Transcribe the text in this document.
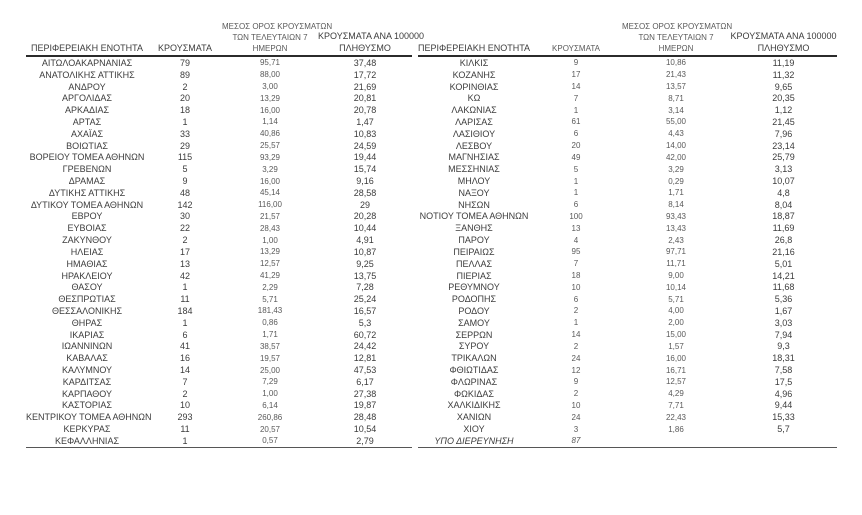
ΠΕΡΙΦΕΡΕΙΑΚΗ ΕΝΟΤΗΤΑ	ΚΡΟΥΣΜΑΤΑ
ΜΕΣΟΣ ΟΡΟΣ ΚΡΟΥΣΜΑΤΩΝ
ΤΩΝ ΤΕΛΕΥΤΑΙΩΝ 7
ΗΜΕΡΩΝ
ΚΡΟΥΣΜΑΤΑ ΑΝΑ 100000
ΠΛΗΘΥΣΜΟ
ΑΙΤΩΛΟΑΚΑΡΝΑΝΙΑΣ	79	95,71	37,48
ΑΝΑΤΟΛΙΚΗΣ ΑΤΤΙΚΗΣ	89	88,00	17,72
ΑΝΔΡΟΥ	2	3,00	21,69
ΑΡΓΟΛΙΔΑΣ	20	13,29	20,81
ΑΡΚΑΔΙΑΣ	18	16,00	20,78
ΑΡΤΑΣ	1	1,14	1,47
ΑΧΑΪΑΣ	33	40,86	10,83
ΒΟΙΩΤΙΑΣ	29	25,57	24,59
ΒΟΡΕΙΟΥ ΤΟΜΕΑ ΑΘΗΝΩΝ	115	93,29	19,44
ΓΡΕΒΕΝΩΝ	5	3,29	15,74
ΔΡΑΜΑΣ	9	16,00	9,16
ΔΥΤΙΚΗΣ ΑΤΤΙΚΗΣ	48	45,14	28,58
ΔΥΤΙΚΟΥ ΤΟΜΕΑ ΑΘΗΝΩΝ	142	116,00	29
ΕΒΡΟΥ	30	21,57	20,28
ΕΥΒΟΙΑΣ	22	28,43	10,44
ΖΑΚΥΝΘΟΥ	2	1,00	4,91
ΗΛΕΙΑΣ	17	13,29	10,87
ΗΜΑΘΙΑΣ	13	12,57	9,25
ΗΡΑΚΛΕΙΟΥ	42	41,29	13,75
ΘΑΣΟΥ	1	2,29	7,28
ΘΕΣΠΡΩΤΙΑΣ	11	5,71	25,24
ΘΕΣΣΑΛΟΝΙΚΗΣ	184	181,43	16,57
ΘΗΡΑΣ	1	0,86	5,3
ΙΚΑΡΙΑΣ	6	1,71	60,72
ΙΩΑΝΝΙΝΩΝ	41	38,57	24,42
ΚΑΒΑΛΑΣ	16	19,57	12,81
ΚΑΛΥΜΝΟΥ	14	25,00	47,53
ΚΑΡΔΙΤΣΑΣ	7	7,29	6,17
ΚΑΡΠΑΘΟΥ	2	1,00	27,38
ΚΑΣΤΟΡΙΑΣ	10	6,14	19,87
ΚΕΝΤΡΙΚΟΥ ΤΟΜΕΑ ΑΘΗΝΩΝ	293	260,86	28,48
ΚΕΡΚΥΡΑΣ	11	20,57	10,54
ΚΕΦΑΛΛΗΝΙΑΣ	1	0,57	2,79
ΠΕΡΙΦΕΡΕΙΑΚΗ ΕΝΟΤΗΤΑ	ΚΡΟΥΣΜΑΤΑ
ΜΕΣΟΣ ΟΡΟΣ ΚΡΟΥΣΜΑΤΩΝ
ΤΩΝ ΤΕΛΕΥΤΑΙΩΝ 7
ΗΜΕΡΩΝ
ΚΡΟΥΣΜΑΤΑ ΑΝΑ 100000
ΠΛΗΘΥΣΜΟ
ΚΙΛΚΙΣ	9	10,86	11,19
ΚΟΖΑΝΗΣ	17	21,43	11,32
ΚΟΡΙΝΘΙΑΣ	14	13,57	9,65
ΚΩ	7	8,71	20,35
ΛΑΚΩΝΙΑΣ	1	3,14	1,12
ΛΑΡΙΣΑΣ	61	55,00	21,45
ΛΑΣΙΘΙΟΥ	6	4,43	7,96
ΛΕΣΒΟΥ	20	14,00	23,14
ΜΑΓΝΗΣΙΑΣ	49	42,00	25,79
ΜΕΣΣΗΝΙΑΣ	5	3,29	3,13
ΜΗΛΟΥ	1	0,29	10,07
ΝΑΞΟΥ	1	1,71	4,8
ΝΗΣΩΝ	6	8,14	8,04
ΝΟΤΙΟΥ ΤΟΜΕΑ ΑΘΗΝΩΝ	100	93,43	18,87
ΞΑΝΘΗΣ	13	13,43	11,69
ΠΑΡΟΥ	4	2,43	26,8
ΠΕΙΡΑΙΩΣ	95	97,71	21,16
ΠΕΛΛΑΣ	7	11,71	5,01
ΠΙΕΡΙΑΣ	18	9,00	14,21
ΡΕΘΥΜΝΟΥ	10	10,14	11,68
ΡΟΔΟΠΗΣ	6	5,71	5,36
ΡΟΔΟΥ	2	4,00	1,67
ΣΑΜΟΥ	1	2,00	3,03
ΣΕΡΡΩΝ	14	15,00	7,94
ΣΥΡΟΥ	2	1,57	9,3
ΤΡΙΚΑΛΩΝ	24	16,00	18,31
ΦΘΙΩΤΙΔΑΣ	12	16,71	7,58
ΦΛΩΡΙΝΑΣ	9	12,57	17,5
ΦΩΚΙΔΑΣ	2	4,29	4,96
ΧΑΛΚΙΔΙΚΗΣ	10	7,71	9,44
ΧΑΝΙΩΝ	24	22,43	15,33
ΧΙΟΥ	3	1,86	5,7
ΥΠΟ ΔΙΕΡΕΥΝΗΣΗ	87
